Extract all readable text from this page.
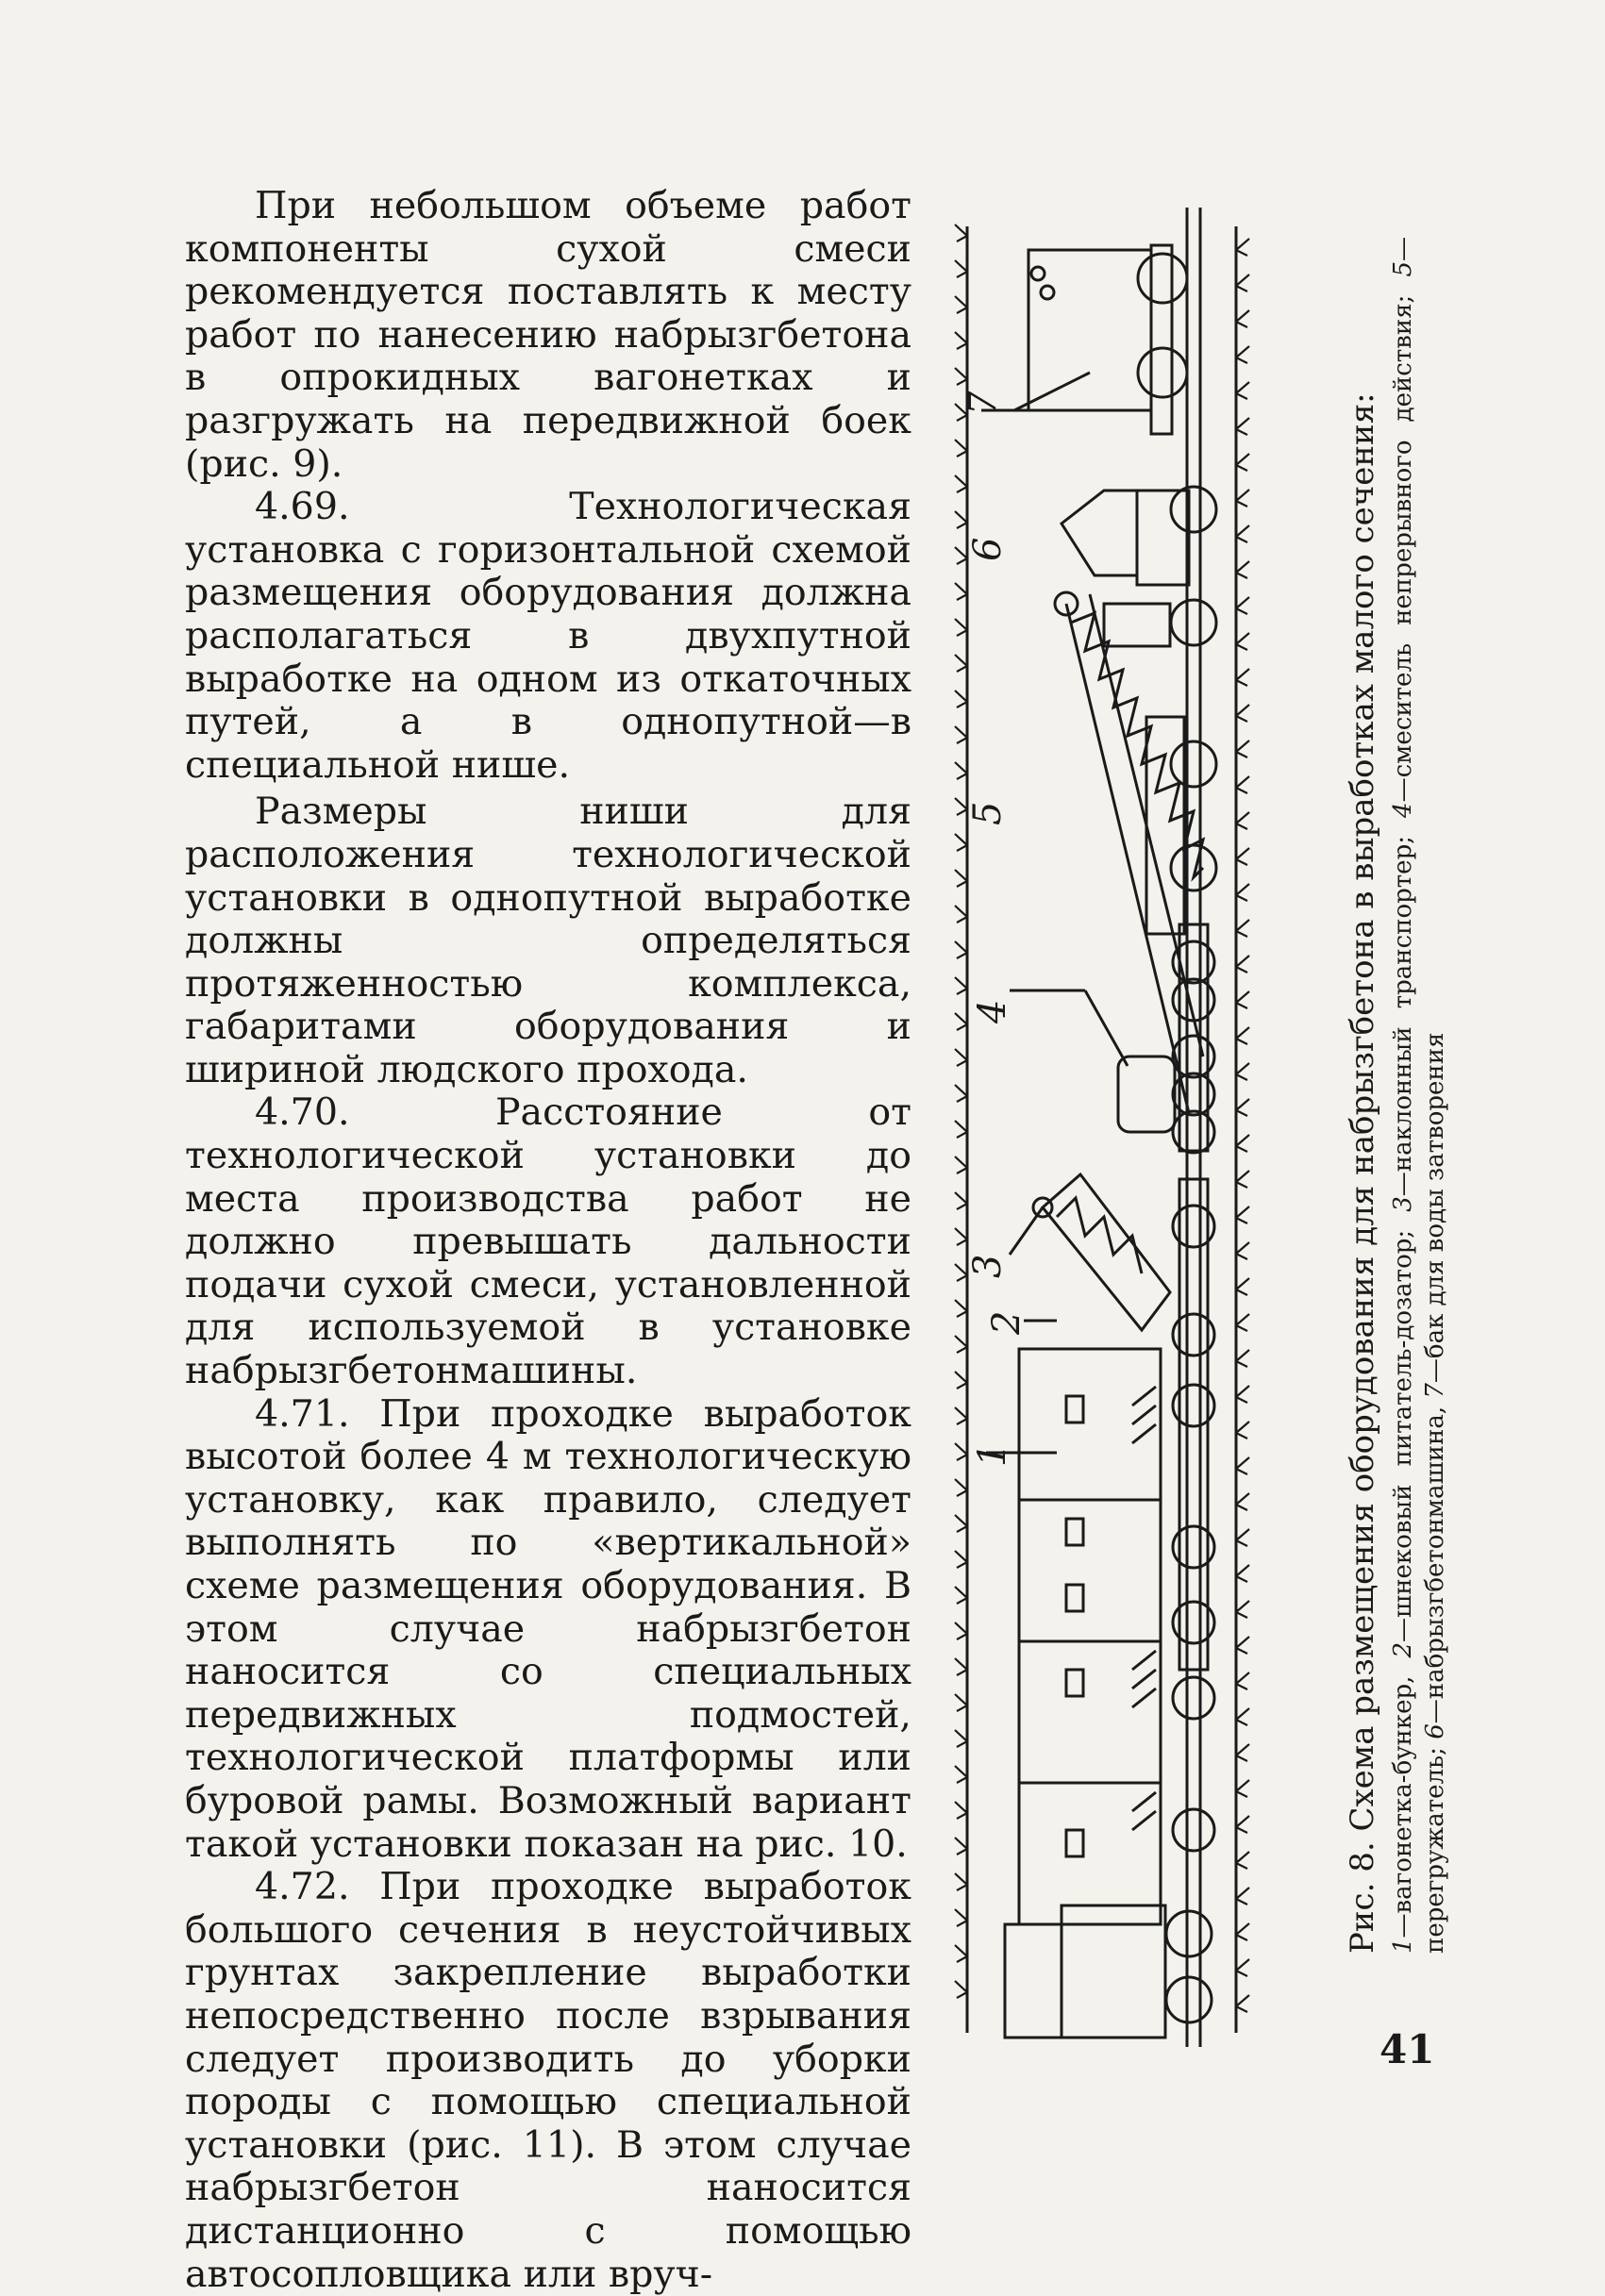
При небольшом объеме работ компоненты сухой смеси рекомендуется поставлять к месту работ по нанесению набрызгбетона в опрокидных вагонетках и разгружать на передвижной боек (рис. 9).

4.69. Технологическая установка с горизонтальной схемой размещения оборудования должна располагаться в двухпутной выработке на одном из откаточных путей, а в однопутной—в специальной нише.

Размеры ниши для расположения технологической установки в однопутной выработке должны определяться протяженностью комплекса, габаритами оборудования и шириной людского прохода.

4.70. Расстояние от технологической установки до места производства работ не должно превышать дальности подачи сухой смеси, установленной для используемой в установке набрызгбетонмашины.

4.71. При проходке выработок высотой более 4 м технологическую установку, как правило, следует выполнять по «вертикальной» схеме размещения оборудования. В этом случае набрызгбетон наносится со специальных передвижных подмостей, технологической платформы или буровой рамы. Возможный вариант такой установки показан на рис. 10.

4.72. При проходке выработок большого сечения в неустойчивых грунтах закрепление выработки непосредственно после взрывания следует производить до уборки породы с помощью специальной установки (рис. 11). В этом случае набрызгбетон наносится дистанционно с помощью автосопловщика или вруч-

1
2
3
4
5
6
7	Рис. 8. Схема размещения оборудования для набрызгбетона в выработках малого сечения: 1—вагонетка-бункер, 2—шнековый питатель-дозатор; 3—наклонный транспортер; 4—смеситель непрерывного действия; 5—перегружатель; 6—набрызгбетонмашина, 7—бак для воды затворения

41
